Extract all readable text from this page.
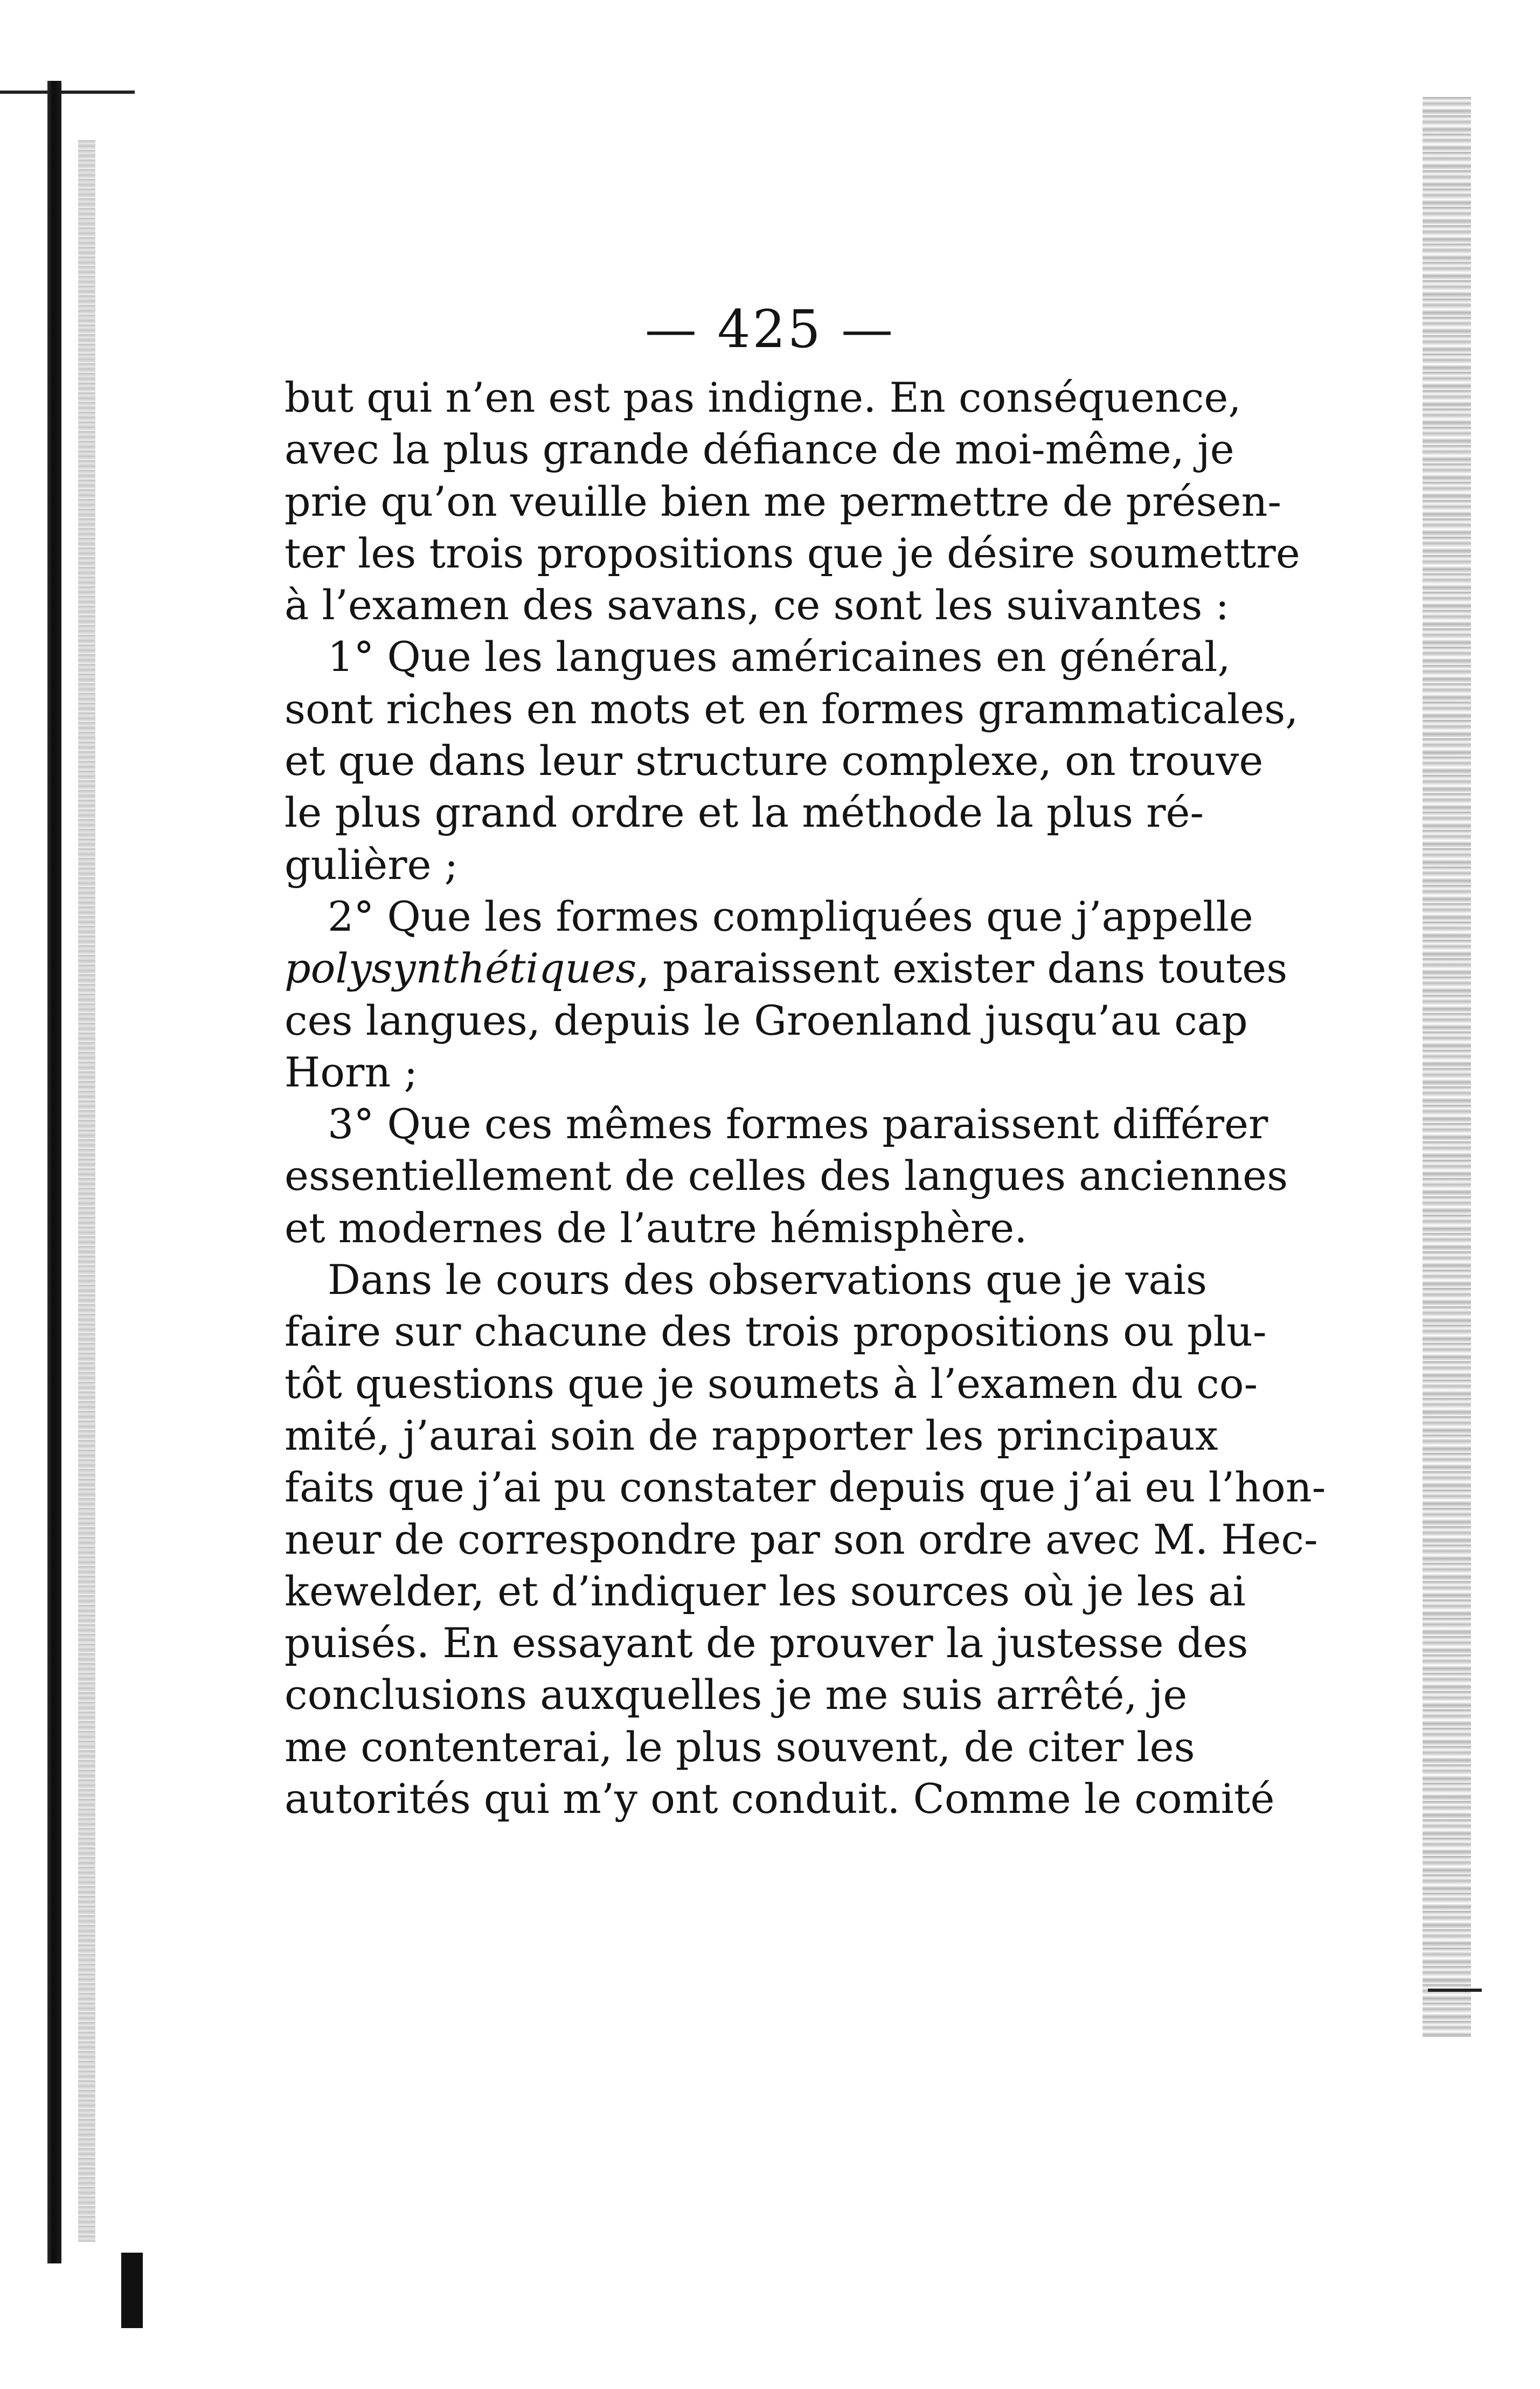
— 425 —
but qui n’en est pas indigne. En conséquence,
avec la plus grande défiance de moi-même, je
prie qu’on veuille bien me permettre de présen-
ter les trois propositions que je désire soumettre
à l’examen des savans, ce sont les suivantes :
1° Que les langues américaines en général,
sont riches en mots et en formes grammaticales,
et que dans leur structure complexe, on trouve
le plus grand ordre et la méthode la plus ré-
gulière ;
2° Que les formes compliquées que j’appelle
polysynthétiques, paraissent exister dans toutes
ces langues, depuis le Groenland jusqu’au cap
Horn ;
3° Que ces mêmes formes paraissent différer
essentiellement de celles des langues anciennes
et modernes de l’autre hémisphère.
Dans le cours des observations que je vais
faire sur chacune des trois propositions ou plu-
tôt questions que je soumets à l’examen du co-
mité, j’aurai soin de rapporter les principaux
faits que j’ai pu constater depuis que j’ai eu l’hon-
neur de correspondre par son ordre avec M. Hec-
kewelder, et d’indiquer les sources où je les ai
puisés. En essayant de prouver la justesse des
conclusions auxquelles je me suis arrêté, je
me contenterai, le plus souvent, de citer les
autorités qui m’y ont conduit. Comme le comité
